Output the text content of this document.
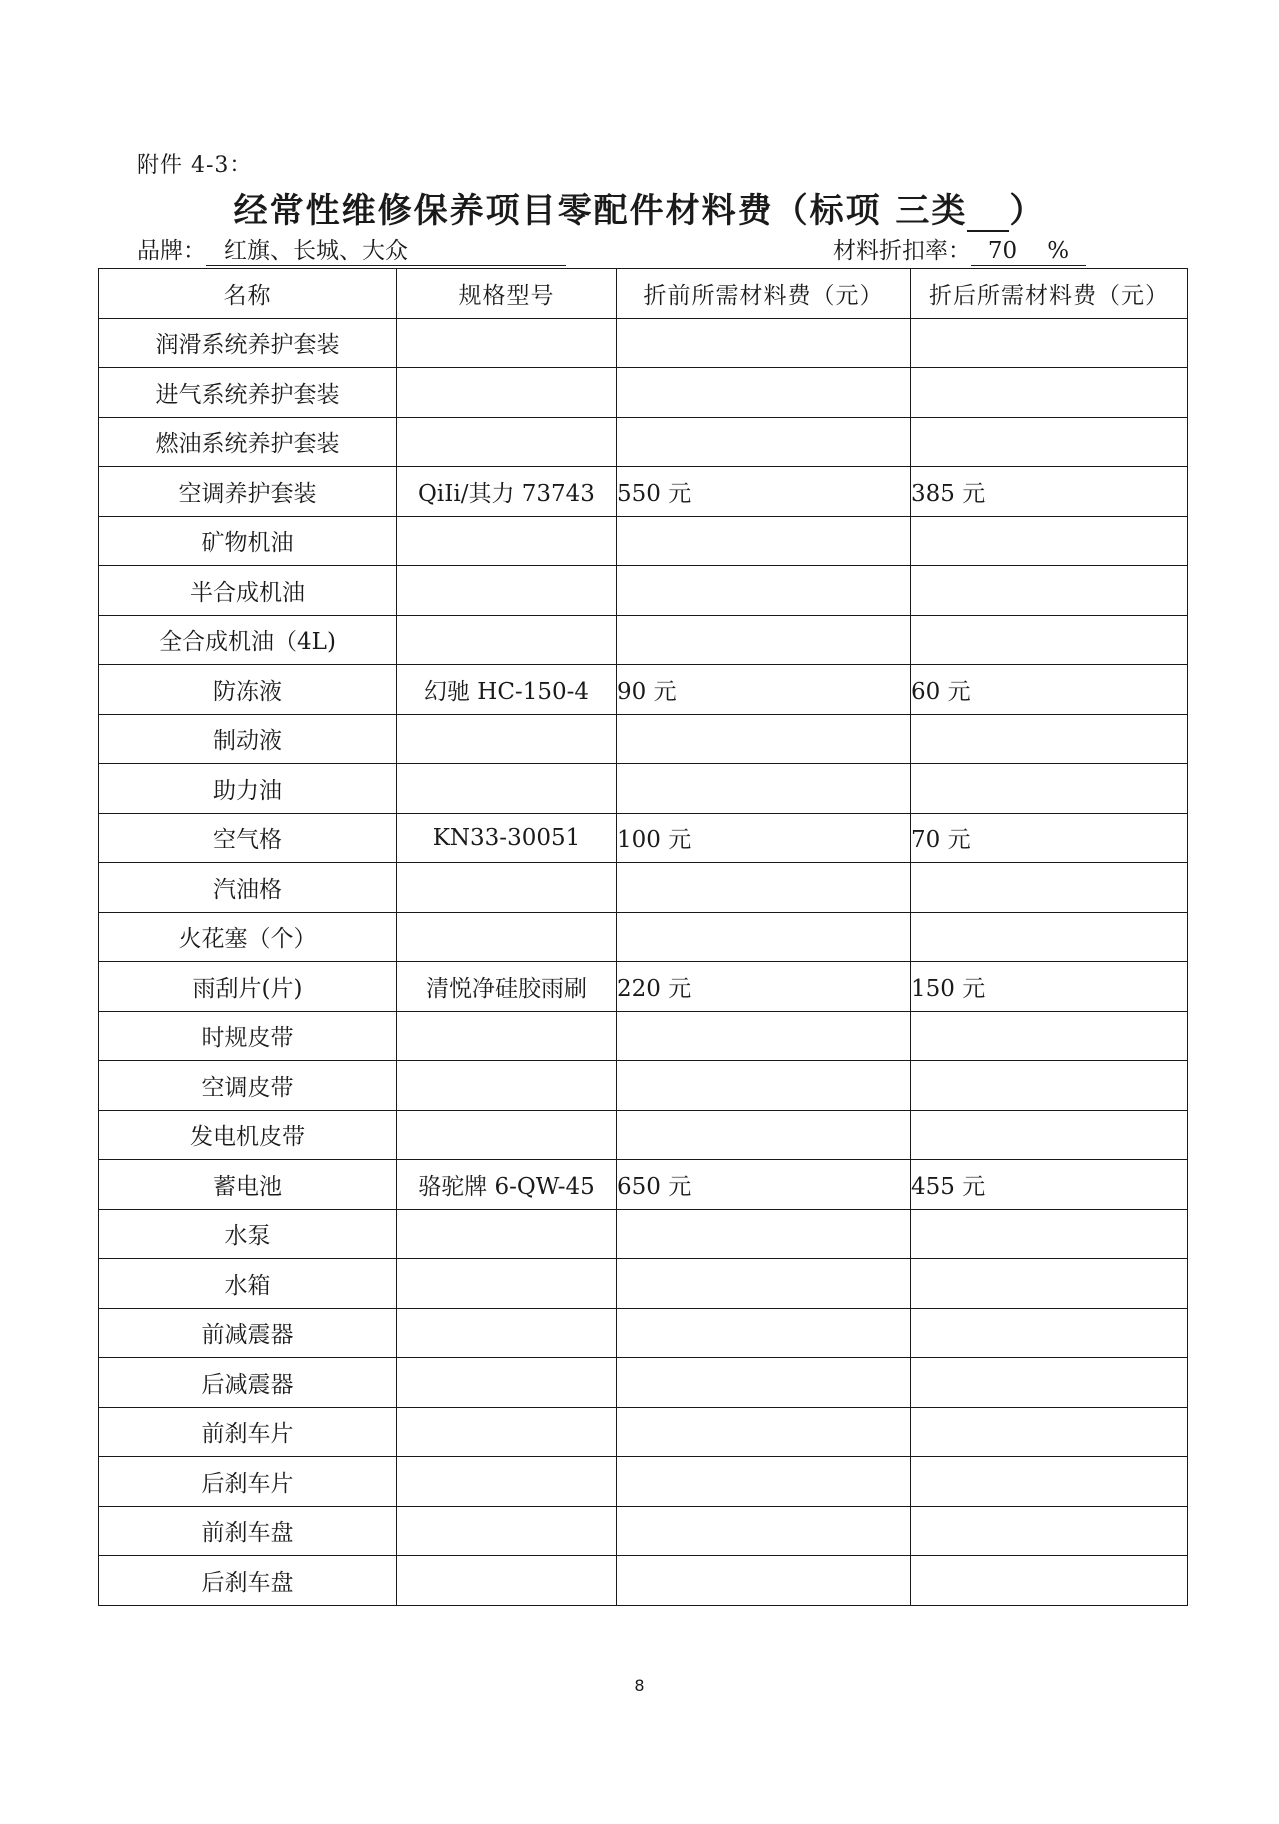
附件 4-3：
经常性维修保养项目零配件材料费（标项 三类 ）
品牌： 红旗、长城、大众	材料折扣率： 70 %
名称	规格型号	折前所需材料费（元）	折后所需材料费（元）
润滑系统养护套装			
进气系统养护套装			
燃油系统养护套装			
空调养护套装	QiIi/其力 73743	550 元	385 元
矿物机油			
半合成机油			
全合成机油（4L)			
防冻液	幻驰 HC-150-4	90 元	60 元
制动液			
助力油			
空气格	KN33-30051	100 元	70 元
汽油格			
火花塞（个）			
雨刮片(片)	清悦净硅胶雨刷	220 元	150 元
时规皮带			
空调皮带			
发电机皮带			
蓄电池	骆驼牌 6-QW-45	650 元	455 元
水泵			
水箱			
前减震器			
后减震器			
前刹车片			
后刹车片			
前刹车盘			
后刹车盘			
8
